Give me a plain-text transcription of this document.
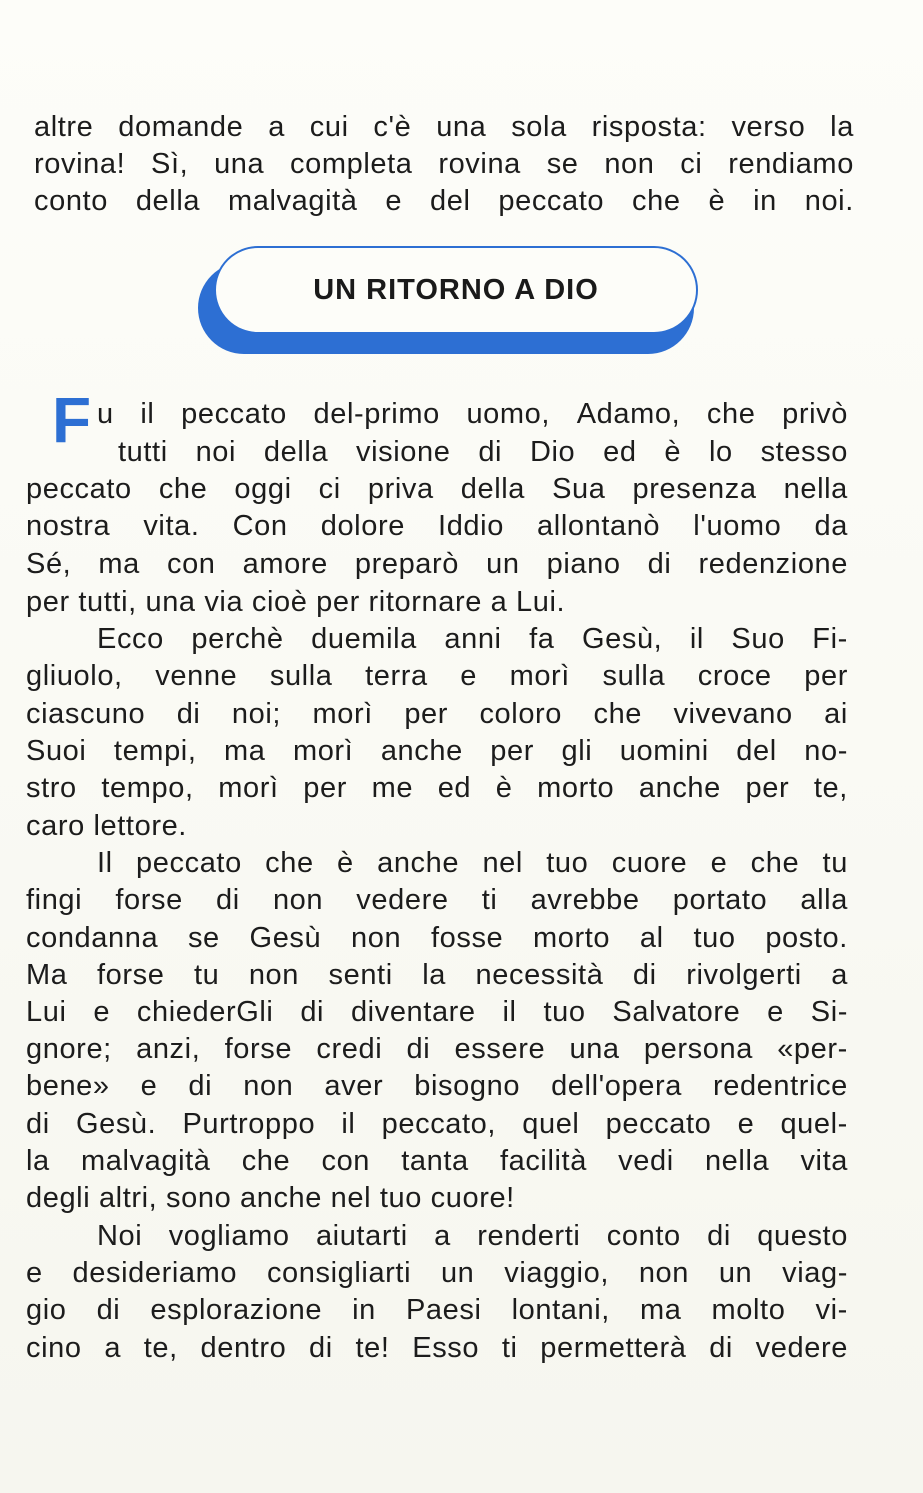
altre domande a cui c'è una sola risposta: verso la
rovina! Sì, una completa rovina se non ci rendiamo
conto della malvagità e del peccato che è in noi.
UN RITORNO A DIO
F u il peccato del-primo uomo, Adamo, che privò
tutti noi della visione di Dio ed è lo stesso
peccato che oggi ci priva della Sua presenza nella
nostra vita. Con dolore Iddio allontanò l'uomo da
Sé, ma con amore preparò un piano di redenzione
per tutti, una via cioè per ritornare a Lui.
Ecco perchè duemila anni fa Gesù, il Suo Fi-
gliuolo, venne sulla terra e morì sulla croce per
ciascuno di noi; morì per coloro che vivevano ai
Suoi tempi, ma morì anche per gli uomini del no-
stro tempo, morì per me ed è morto anche per te,
caro lettore.
Il peccato che è anche nel tuo cuore e che tu
fingi forse di non vedere ti avrebbe portato alla
condanna se Gesù non fosse morto al tuo posto.
Ma forse tu non senti la necessità di rivolgerti a
Lui e chiederGli di diventare il tuo Salvatore e Si-
gnore; anzi, forse credi di essere una persona «per-
bene» e di non aver bisogno dell'opera redentrice
di Gesù. Purtroppo il peccato, quel peccato e quel-
la malvagità che con tanta facilità vedi nella vita
degli altri, sono anche nel tuo cuore!
Noi vogliamo aiutarti a renderti conto di questo
e desideriamo consigliarti un viaggio, non un viag-
gio di esplorazione in Paesi lontani, ma molto vi-
cino a te, dentro di te! Esso ti permetterà di vedere
